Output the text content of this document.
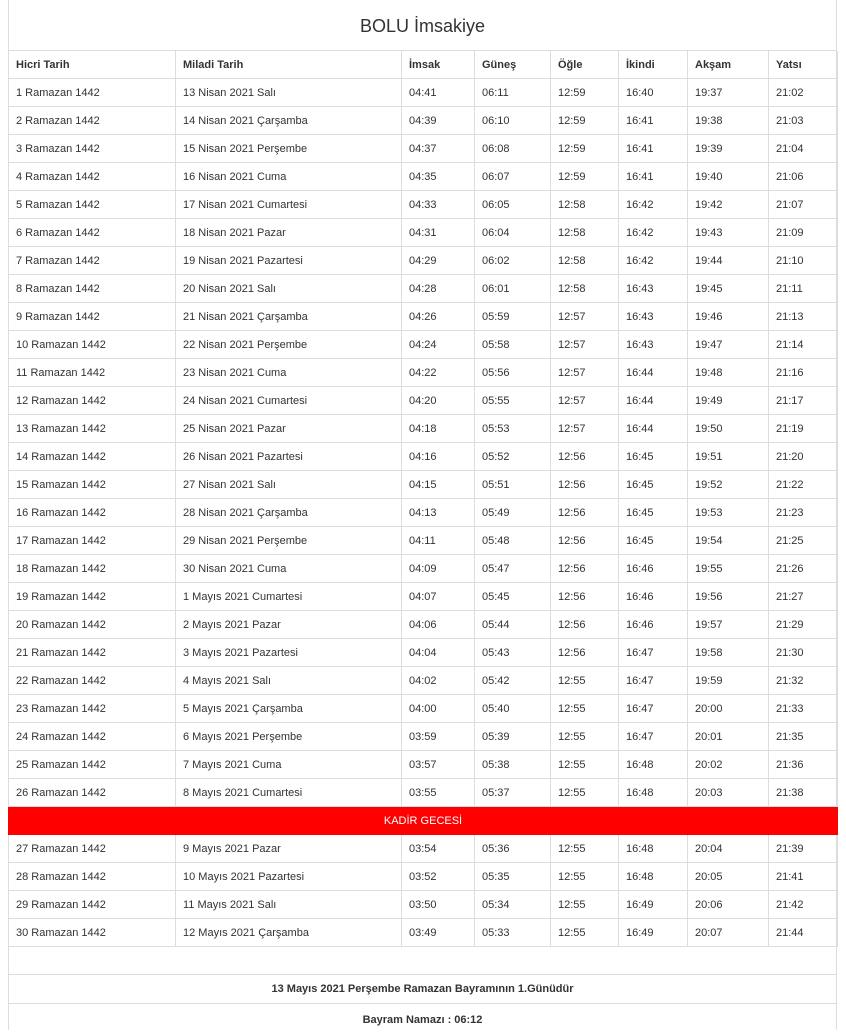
BOLU İmsakiye
Hicri Tarih	Miladi Tarih	İmsak	Güneş	Öğle	İkindi	Akşam	Yatsı
1 Ramazan 1442	13 Nisan 2021 Salı	04:41	06:11	12:59	16:40	19:37	21:02
2 Ramazan 1442	14 Nisan 2021 Çarşamba	04:39	06:10	12:59	16:41	19:38	21:03
3 Ramazan 1442	15 Nisan 2021 Perşembe	04:37	06:08	12:59	16:41	19:39	21:04
4 Ramazan 1442	16 Nisan 2021 Cuma	04:35	06:07	12:59	16:41	19:40	21:06
5 Ramazan 1442	17 Nisan 2021 Cumartesi	04:33	06:05	12:58	16:42	19:42	21:07
6 Ramazan 1442	18 Nisan 2021 Pazar	04:31	06:04	12:58	16:42	19:43	21:09
7 Ramazan 1442	19 Nisan 2021 Pazartesi	04:29	06:02	12:58	16:42	19:44	21:10
8 Ramazan 1442	20 Nisan 2021 Salı	04:28	06:01	12:58	16:43	19:45	21:11
9 Ramazan 1442	21 Nisan 2021 Çarşamba	04:26	05:59	12:57	16:43	19:46	21:13
10 Ramazan 1442	22 Nisan 2021 Perşembe	04:24	05:58	12:57	16:43	19:47	21:14
11 Ramazan 1442	23 Nisan 2021 Cuma	04:22	05:56	12:57	16:44	19:48	21:16
12 Ramazan 1442	24 Nisan 2021 Cumartesi	04:20	05:55	12:57	16:44	19:49	21:17
13 Ramazan 1442	25 Nisan 2021 Pazar	04:18	05:53	12:57	16:44	19:50	21:19
14 Ramazan 1442	26 Nisan 2021 Pazartesi	04:16	05:52	12:56	16:45	19:51	21:20
15 Ramazan 1442	27 Nisan 2021 Salı	04:15	05:51	12:56	16:45	19:52	21:22
16 Ramazan 1442	28 Nisan 2021 Çarşamba	04:13	05:49	12:56	16:45	19:53	21:23
17 Ramazan 1442	29 Nisan 2021 Perşembe	04:11	05:48	12:56	16:45	19:54	21:25
18 Ramazan 1442	30 Nisan 2021 Cuma	04:09	05:47	12:56	16:46	19:55	21:26
19 Ramazan 1442	1 Mayıs 2021 Cumartesi	04:07	05:45	12:56	16:46	19:56	21:27
20 Ramazan 1442	2 Mayıs 2021 Pazar	04:06	05:44	12:56	16:46	19:57	21:29
21 Ramazan 1442	3 Mayıs 2021 Pazartesi	04:04	05:43	12:56	16:47	19:58	21:30
22 Ramazan 1442	4 Mayıs 2021 Salı	04:02	05:42	12:55	16:47	19:59	21:32
23 Ramazan 1442	5 Mayıs 2021 Çarşamba	04:00	05:40	12:55	16:47	20:00	21:33
24 Ramazan 1442	6 Mayıs 2021 Perşembe	03:59	05:39	12:55	16:47	20:01	21:35
25 Ramazan 1442	7 Mayıs 2021 Cuma	03:57	05:38	12:55	16:48	20:02	21:36
26 Ramazan 1442	8 Mayıs 2021 Cumartesi	03:55	05:37	12:55	16:48	20:03	21:38
KADİR GECESİ							
27 Ramazan 1442	9 Mayıs 2021 Pazar	03:54	05:36	12:55	16:48	20:04	21:39
28 Ramazan 1442	10 Mayıs 2021 Pazartesi	03:52	05:35	12:55	16:48	20:05	21:41
29 Ramazan 1442	11 Mayıs 2021 Salı	03:50	05:34	12:55	16:49	20:06	21:42
30 Ramazan 1442	12 Mayıs 2021 Çarşamba	03:49	05:33	12:55	16:49	20:07	21:44
13 Mayıs 2021 Perşembe Ramazan Bayramının 1.Günüdür
Bayram Namazı : 06:12
